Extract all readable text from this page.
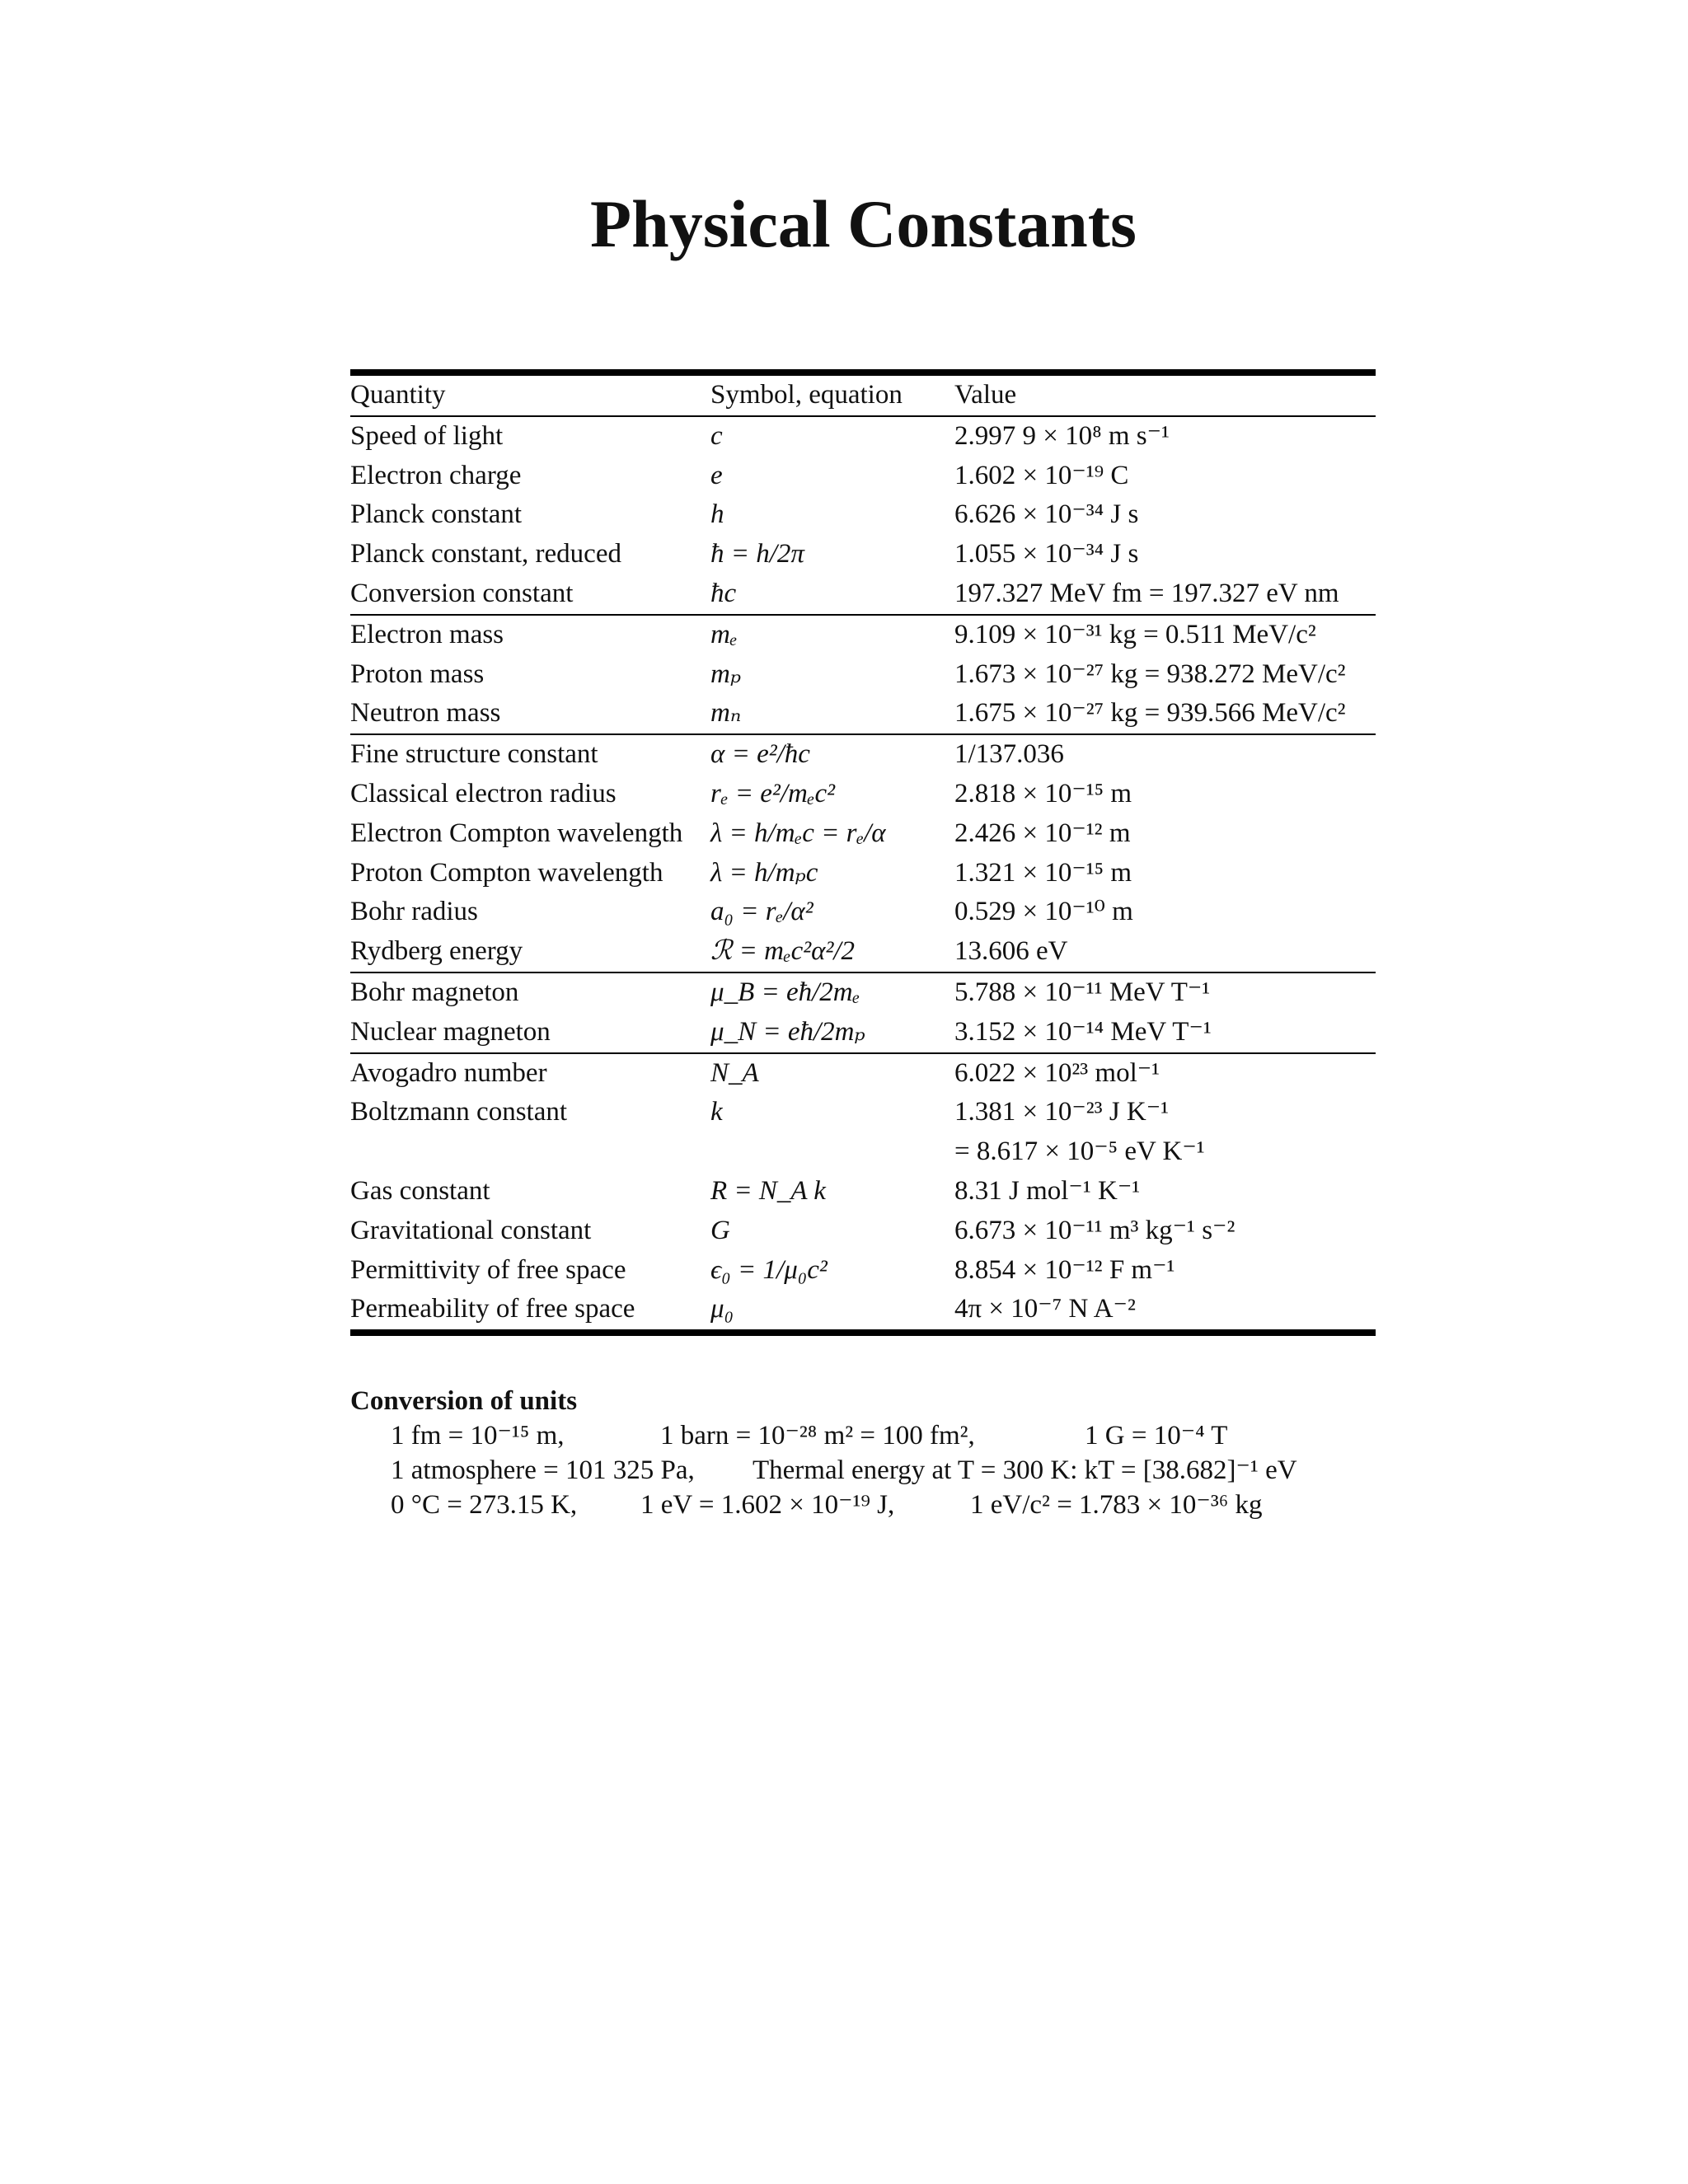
Physical Constants
Quantity	Symbol, equation	Value
Speed of light	c	2.997 9 × 10⁸ m s⁻¹
Electron charge	e	1.602 × 10⁻¹⁹ C
Planck constant	h	6.626 × 10⁻³⁴ J s
Planck constant, reduced	ħ = h/2π	1.055 × 10⁻³⁴ J s
Conversion constant	ħc	197.327 MeV fm = 197.327 eV nm
Electron mass	mₑ	9.109 × 10⁻³¹ kg = 0.511 MeV/c²
Proton mass	mₚ	1.673 × 10⁻²⁷ kg = 938.272 MeV/c²
Neutron mass	mₙ	1.675 × 10⁻²⁷ kg = 939.566 MeV/c²
Fine structure constant	α = e²/ħc	1/137.036
Classical electron radius	rₑ = e²/mₑc²	2.818 × 10⁻¹⁵ m
Electron Compton wavelength	λ = h/mₑc = rₑ/α	2.426 × 10⁻¹² m
Proton Compton wavelength	λ = h/mₚc	1.321 × 10⁻¹⁵ m
Bohr radius	a₀ = rₑ/α²	0.529 × 10⁻¹⁰ m
Rydberg energy	ℛ = mₑc²α²/2	13.606 eV
Bohr magneton	μ_B = eħ/2mₑ	5.788 × 10⁻¹¹ MeV T⁻¹
Nuclear magneton	μ_N = eħ/2mₚ	3.152 × 10⁻¹⁴ MeV T⁻¹
Avogadro number	N_A	6.022 × 10²³ mol⁻¹
Boltzmann constant	k	1.381 × 10⁻²³ J K⁻¹
		= 8.617 × 10⁻⁵ eV K⁻¹
Gas constant	R = N_A k	8.31 J mol⁻¹ K⁻¹
Gravitational constant	G	6.673 × 10⁻¹¹ m³ kg⁻¹ s⁻²
Permittivity of free space	ϵ₀ = 1/μ₀c²	8.854 × 10⁻¹² F m⁻¹
Permeability of free space	μ₀	4π × 10⁻⁷ N A⁻²
Conversion of units
1 fm = 10⁻¹⁵ m,	1 barn = 10⁻²⁸ m² = 100 fm²,	1 G = 10⁻⁴ T
1 atmosphere = 101 325 Pa, Thermal energy at T = 300 K: kT = [38.682]⁻¹ eV
0 °C = 273.15 K, 1 eV = 1.602 × 10⁻¹⁹ J,	1 eV/c² = 1.783 × 10⁻³⁶ kg
